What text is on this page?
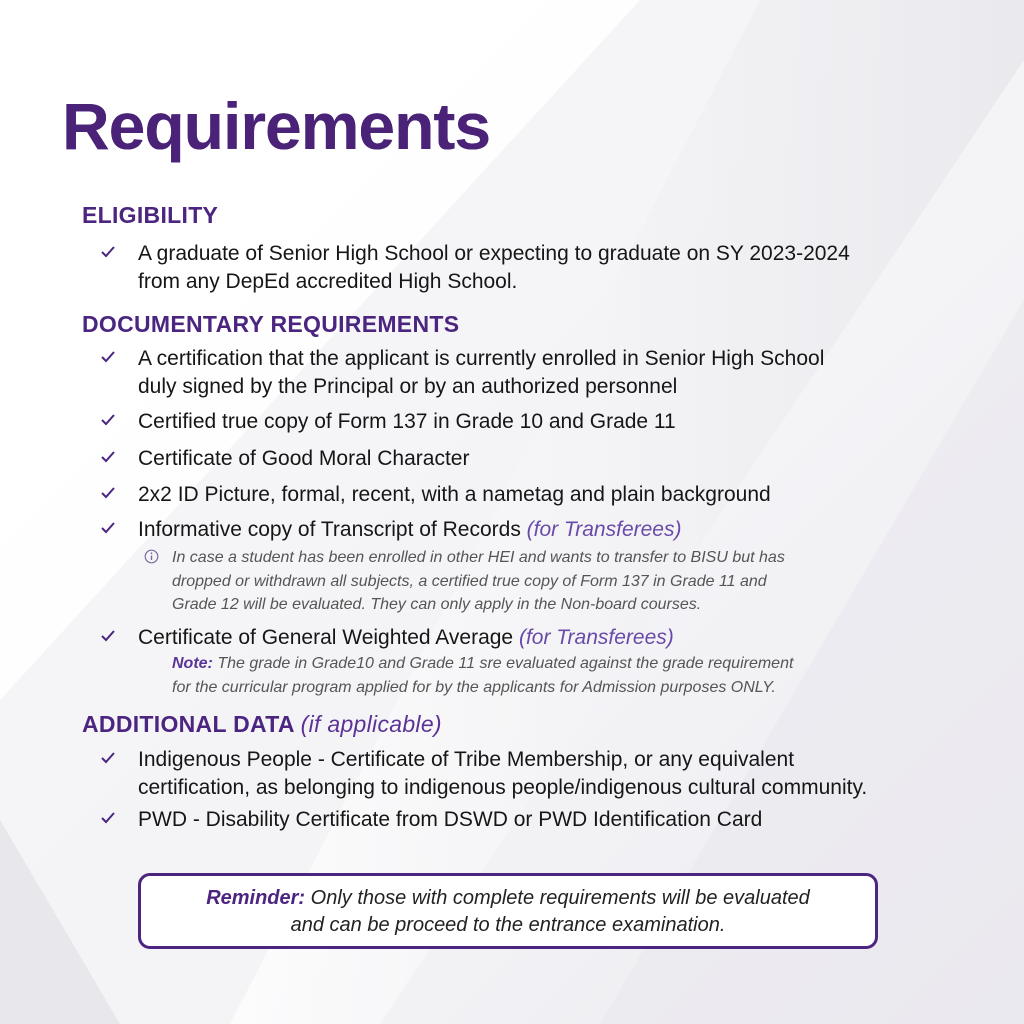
Requirements
ELIGIBILITY
A graduate of Senior High School or expecting to graduate on SY 2023-2024
from any DepEd accredited High School.
DOCUMENTARY REQUIREMENTS
A certification that the applicant is currently enrolled in Senior High School
duly signed by the Principal or by an authorized personnel
Certified true copy of Form 137 in Grade 10 and Grade 11
Certificate of Good Moral Character
2x2 ID Picture, formal, recent, with a nametag and plain background
Informative copy of Transcript of Records (for Transferees)
In case a student has been enrolled in other HEI and wants to transfer to BISU but has
dropped or withdrawn all subjects, a certified true copy of Form 137 in Grade 11 and
Grade 12 will be evaluated. They can only apply in the Non-board courses.
Certificate of General Weighted Average (for Transferees)
Note: The grade in Grade10 and Grade 11 sre evaluated against the grade requirement
for the curricular program applied for by the applicants for Admission purposes ONLY.
ADDITIONAL DATA (if applicable)
Indigenous People - Certificate of Tribe Membership, or any equivalent
certification, as belonging to indigenous people/indigenous cultural community.
PWD - Disability Certificate from DSWD or PWD Identification Card
Reminder: Only those with complete requirements will be evaluated
and can be proceed to the entrance examination.
